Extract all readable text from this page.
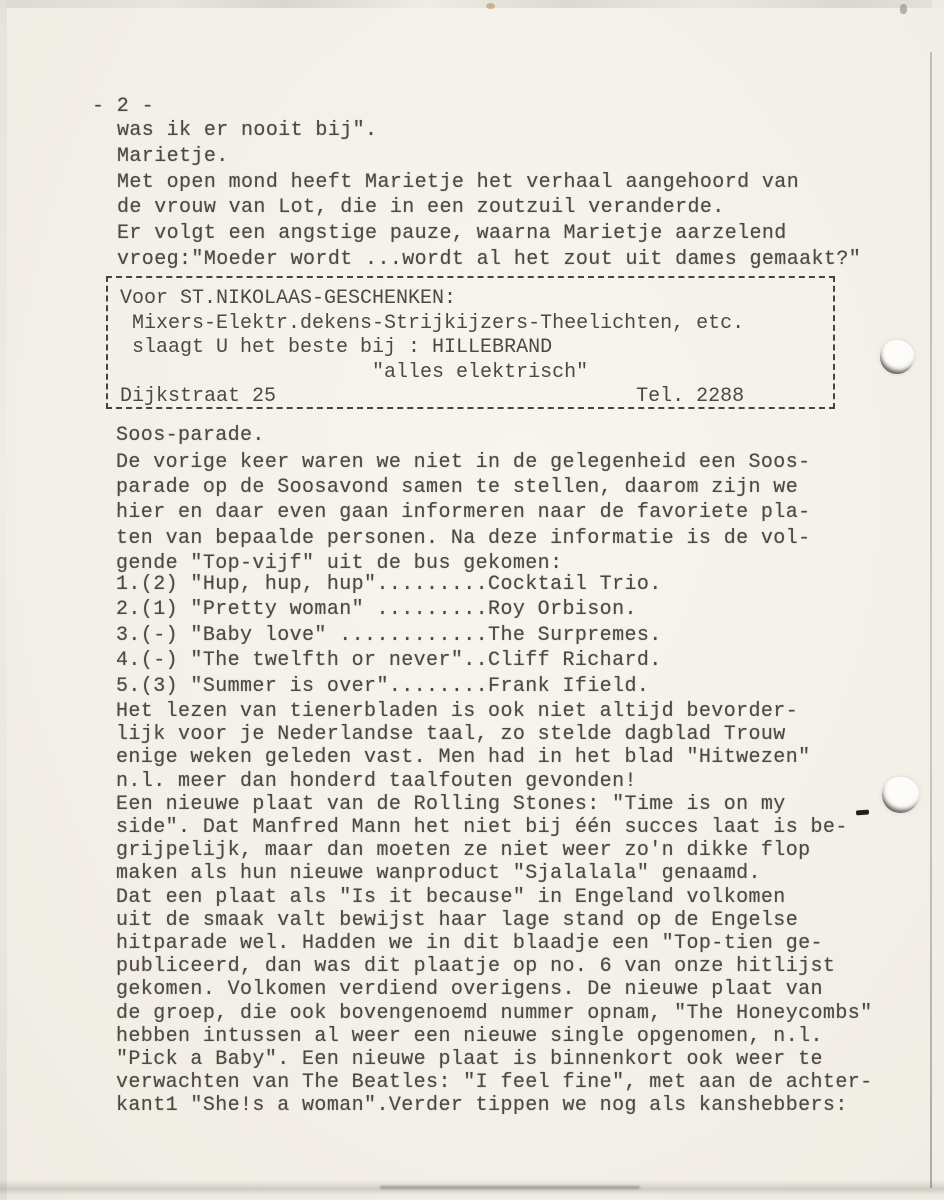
- 2 -
was ik er nooit bij".
Marietje.
Met open mond heeft Marietje het verhaal aangehoord van
de vrouw van Lot, die in een zoutzuil veranderde.
Er volgt een angstige pauze, waarna Marietje aarzelend
vroeg:"Moeder wordt ...wordt al het zout uit dames gemaakt?"
Voor ST.NIKOLAAS-GESCHENKEN:
Mixers-Elektr.dekens-Strijkijzers-Theelichten, etc.
slaagt U het beste bij : HILLEBRAND
"alles elektrisch"
Dijkstraat 25                              Tel. 2288
Soos-parade.
De vorige keer waren we niet in de gelegenheid een Soos-
parade op de Soosavond samen te stellen, daarom zijn we
hier en daar even gaan informeren naar de favoriete pla-
ten van bepaalde personen. Na deze informatie is de vol-
gende "Top-vijf" uit de bus gekomen:
1.(2) "Hup, hup, hup".........Cocktail Trio.
2.(1) "Pretty woman" .........Roy Orbison.
3.(-) "Baby love" ............The Surpremes.
4.(-) "The twelfth or never"..Cliff Richard.
5.(3) "Summer is over"........Frank Ifield.
Het lezen van tienerbladen is ook niet altijd bevorder-
lijk voor je Nederlandse taal, zo stelde dagblad Trouw
enige weken geleden vast. Men had in het blad "Hitwezen"
n.l. meer dan honderd taalfouten gevonden!
Een nieuwe plaat van de Rolling Stones: "Time is on my
side". Dat Manfred Mann het niet bij één succes laat is be-
grijpelijk, maar dan moeten ze niet weer zo'n dikke flop
maken als hun nieuwe wanproduct "Sjalalala" genaamd.
Dat een plaat als "Is it because" in Engeland volkomen
uit de smaak valt bewijst haar lage stand op de Engelse
hitparade wel. Hadden we in dit blaadje een "Top-tien ge-
publiceerd, dan was dit plaatje op no. 6 van onze hitlijst
gekomen. Volkomen verdiend overigens. De nieuwe plaat van
de groep, die ook bovengenoemd nummer opnam, "The Honeycombs"
hebben intussen al weer een nieuwe single opgenomen, n.l.
"Pick a Baby". Een nieuwe plaat is binnenkort ook weer te
verwachten van The Beatles: "I feel fine", met aan de achter-
kant1 "She!s a woman".Verder tippen we nog als kanshebbers:
